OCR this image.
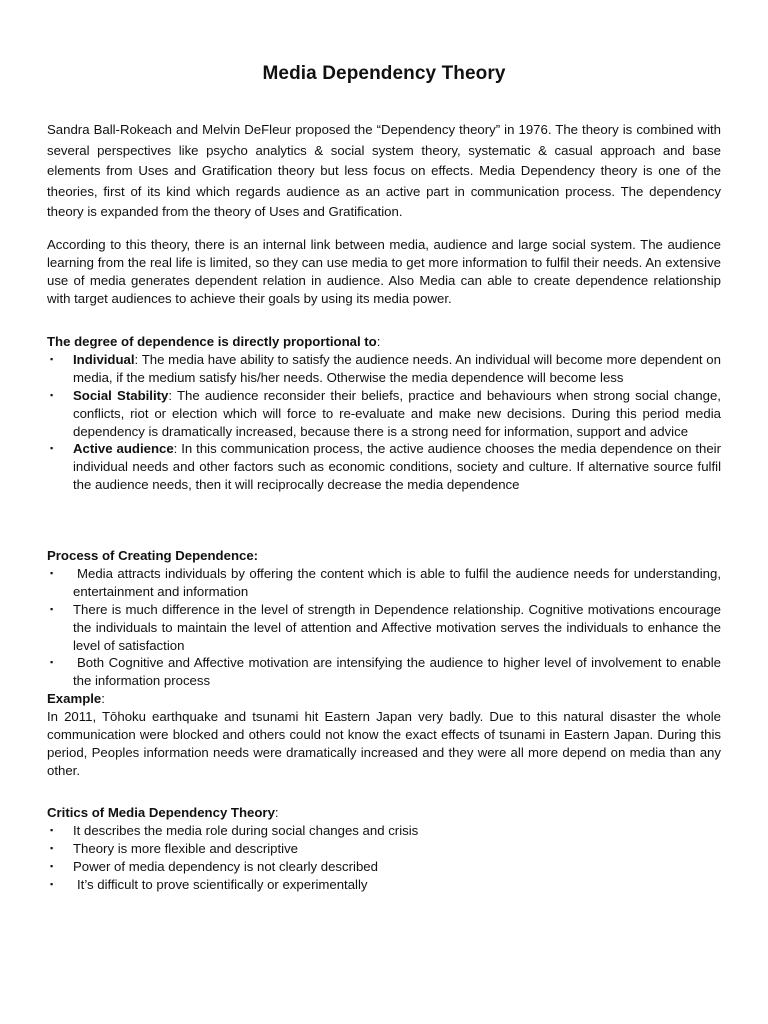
Media Dependency Theory

Sandra Ball-Rokeach and Melvin DeFleur proposed the “Dependency theory” in 1976. The theory is combined with several perspectives like psycho analytics & social system theory, systematic & casual approach and base elements from Uses and Gratification theory but less focus on effects. Media Dependency theory is one of the theories, first of its kind which regards audience as an active part in communication process. The dependency theory is expanded from the theory of Uses and Gratification.

According to this theory, there is an internal link between media, audience and large social system. The audience learning from the real life is limited, so they can use media to get more information to fulfil their needs. An extensive use of media generates dependent relation in audience. Also Media can able to create dependence relationship with target audiences to achieve their goals by using its media power.

The degree of dependence is directly proportional to:
▪ Individual: The media have ability to satisfy the audience needs. An individual will become more dependent on media, if the medium satisfy his/her needs. Otherwise the media dependence will become less
▪ Social Stability: The audience reconsider their beliefs, practice and behaviours when strong social change, conflicts, riot or election which will force to re-evaluate and make new decisions. During this period media dependency is dramatically increased, because there is a strong need for information, support and advice
▪ Active audience: In this communication process, the active audience chooses the media dependence on their individual needs and other factors such as economic conditions, society and culture. If alternative source fulfil the audience needs, then it will reciprocally decrease the media dependence
Process of Creating Dependence:
▪ Media attracts individuals by offering the content which is able to fulfil the audience needs for understanding, entertainment and information
▪ There is much difference in the level of strength in Dependence relationship. Cognitive motivations encourage the individuals to maintain the level of attention and Affective motivation serves the individuals to enhance the level of satisfaction
▪ Both Cognitive and Affective motivation are intensifying the audience to higher level of involvement to enable the information process
Example:

In 2011, Tōhoku earthquake and tsunami hit Eastern Japan very badly. Due to this natural disaster the whole communication were blocked and others could not know the exact effects of tsunami in Eastern Japan. During this period, Peoples information needs were dramatically increased and they were all more depend on media than any other.

Critics of Media Dependency Theory:
▪ It describes the media role during social changes and crisis
▪ Theory is more flexible and descriptive
▪ Power of media dependency is not clearly described
▪ It’s difficult to prove scientifically or experimentally
